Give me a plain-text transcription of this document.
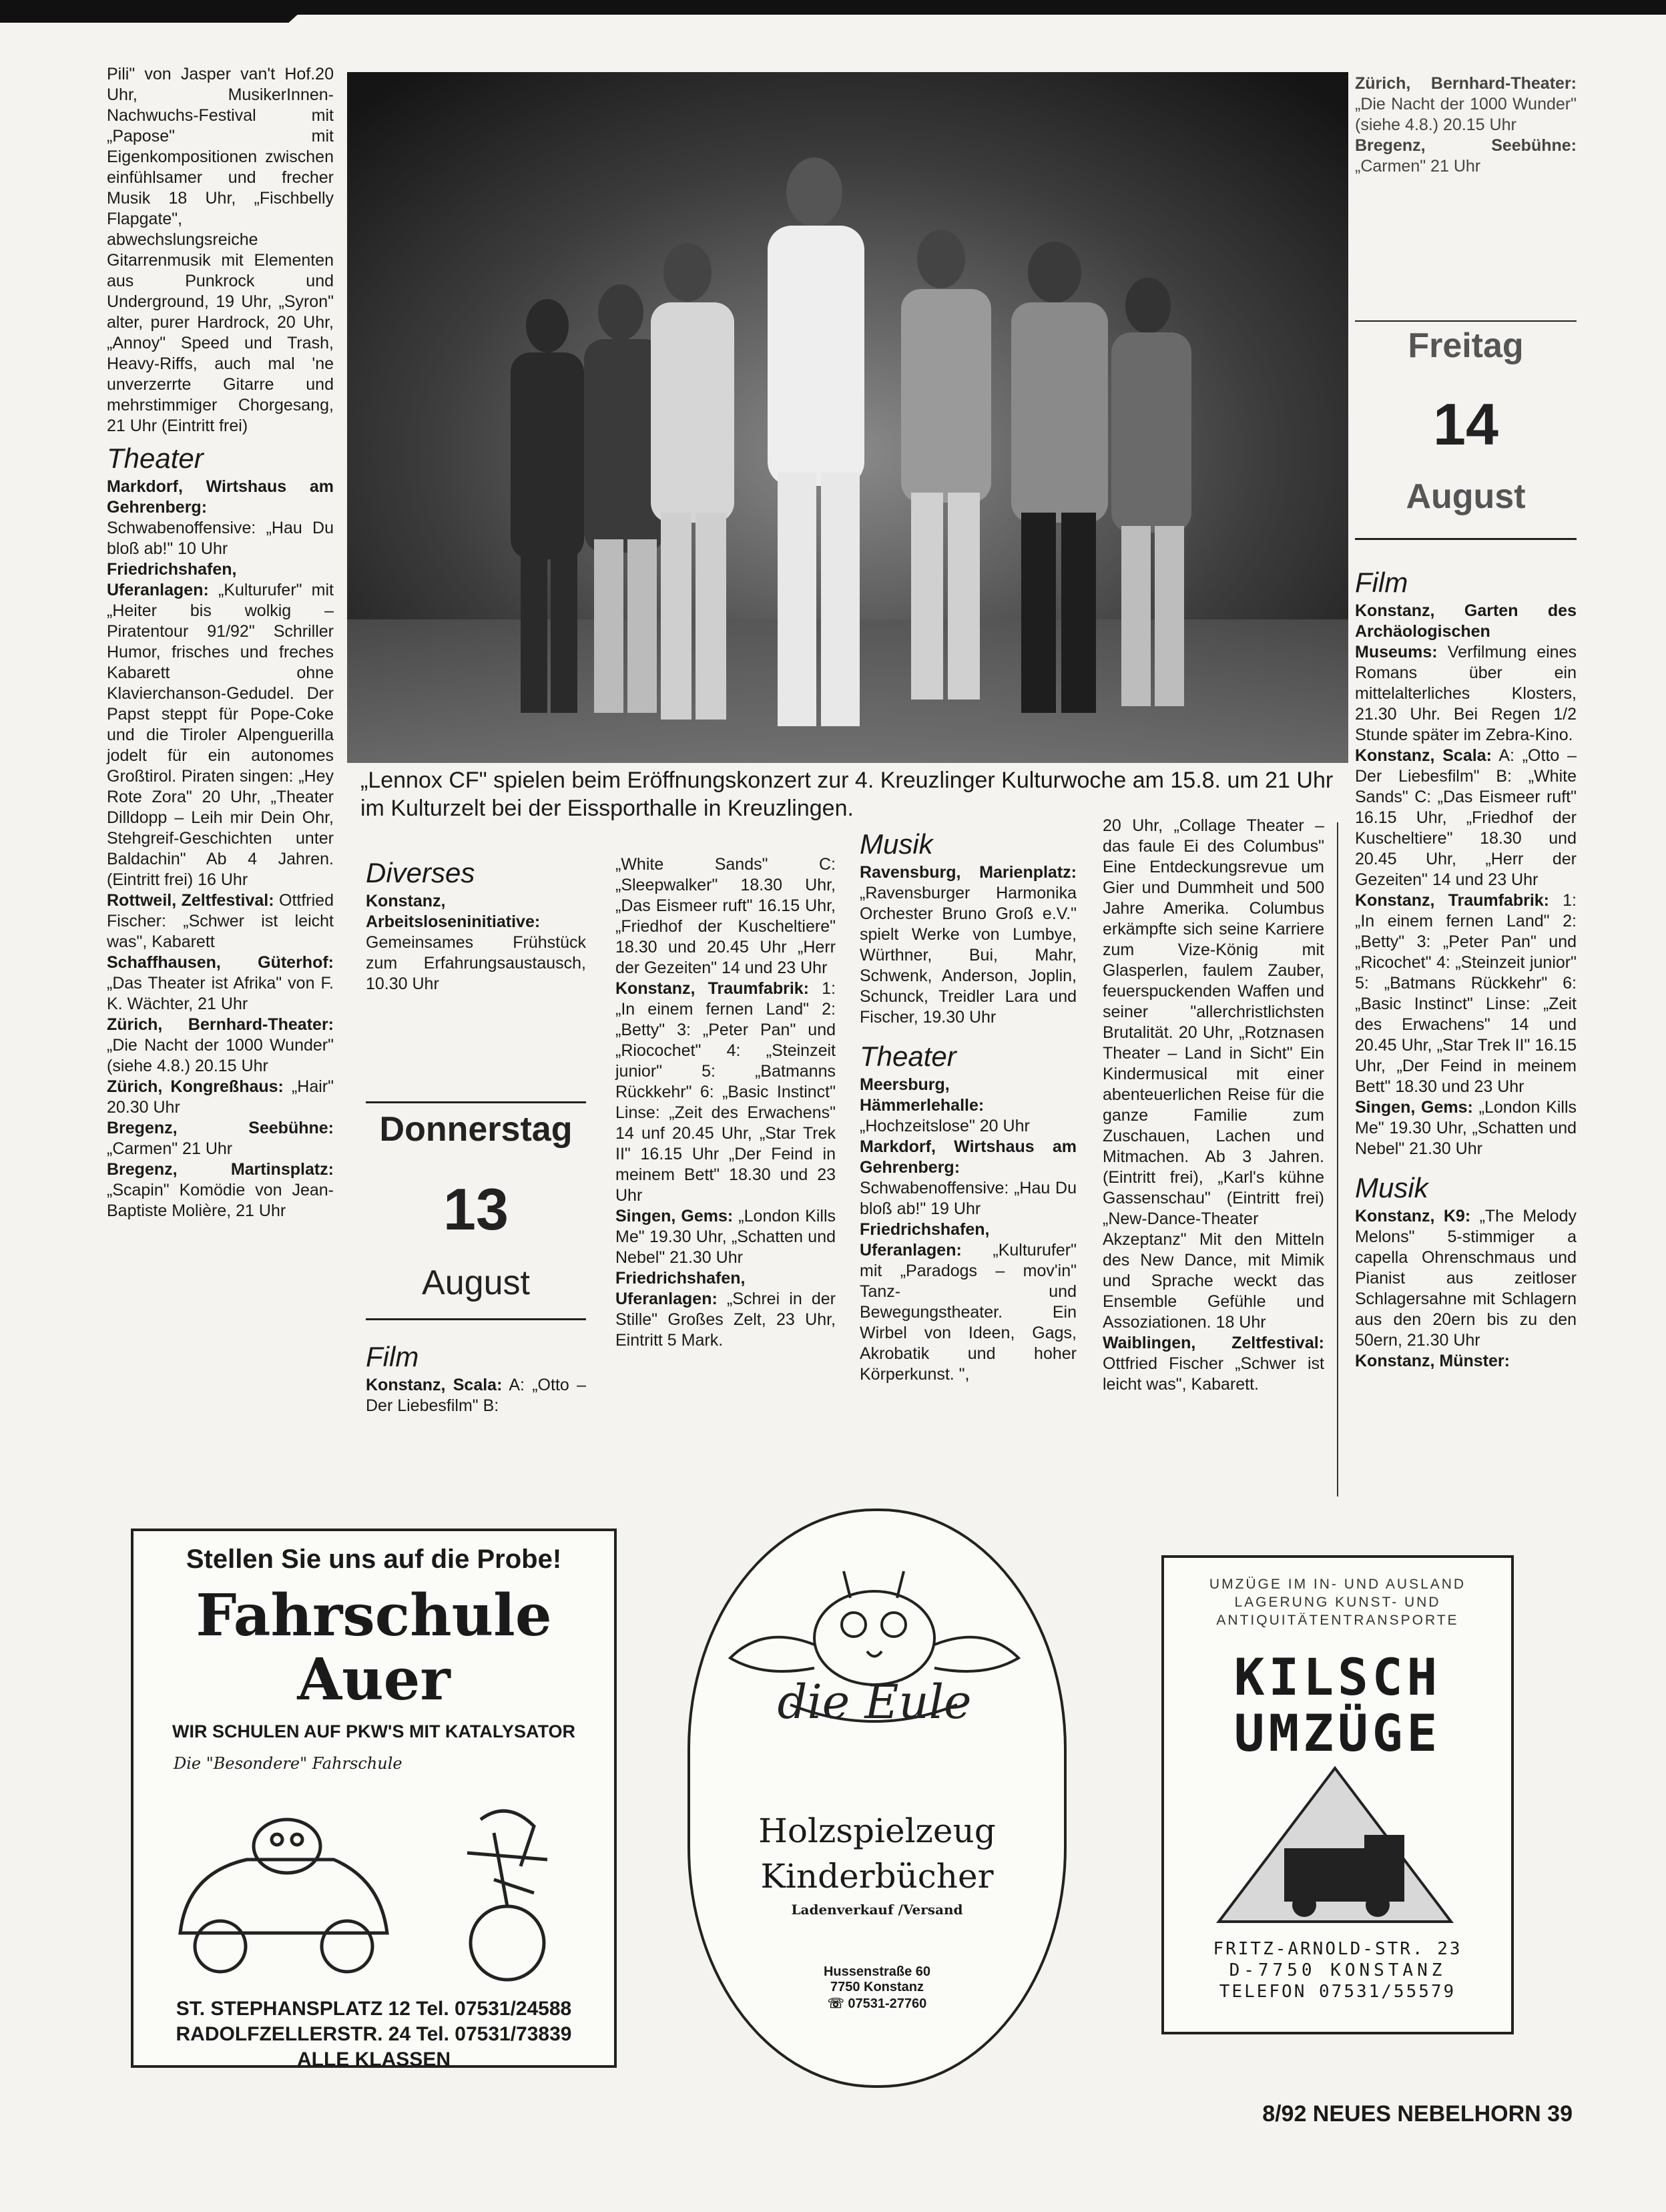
Pili" von Jasper van't Hof.20 Uhr, MusikerInnen-Nachwuchs-Festival mit „Papose" mit Eigenkompositionen zwischen einfühlsamer und frecher Musik 18 Uhr, „Fischbelly Flapgate", abwechslungsreiche Gitarrenmusik mit Elementen aus Punkrock und Underground, 19 Uhr, „Syron" alter, purer Hardrock, 20 Uhr, „Annoy" Speed und Trash, Heavy-Riffs, auch mal 'ne unverzerrte Gitarre und mehrstimmiger Chorgesang, 21 Uhr (Eintritt frei)

Theater

Markdorf, Wirtshaus am Gehrenberg: Schwabenoffensive: „Hau Du bloß ab!" 10 Uhr

Friedrichshafen, Uferanlagen: „Kulturufer" mit „Heiter bis wolkig – Piratentour 91/92" Schriller Humor, frisches und freches Kabarett ohne Klavierchanson-Gedudel. Der Papst steppt für Pope-Coke und die Tiroler Alpenguerilla jodelt für ein autonomes Großtirol. Piraten singen: „Hey Rote Zora" 20 Uhr, „Theater Dilldopp – Leih mir Dein Ohr, Stehgreif-Geschichten unter Baldachin" Ab 4 Jahren. (Eintritt frei) 16 Uhr

Rottweil, Zeltfestival: Ottfried Fischer: „Schwer ist leicht was", Kabarett

Schaffhausen, Güterhof: „Das Theater ist Afrika" von F. K. Wächter, 21 Uhr

Zürich, Bernhard-Theater: „Die Nacht der 1000 Wunder" (siehe 4.8.) 20.15 Uhr

Zürich, Kongreßhaus: „Hair" 20.30 Uhr

Bregenz, Seebühne: „Carmen" 21 Uhr

Bregenz, Martinsplatz: „Scapin" Komödie von Jean-Baptiste Molière, 21 Uhr

„Lennox CF" spielen beim Eröffnungskonzert zur 4. Kreuzlinger Kulturwoche am 15.8. um 21 Uhr im Kulturzelt bei der Eissporthalle in Kreuzlingen.
Diverses

Konstanz, Arbeitsloseninitiative: Gemeinsames Frühstück zum Erfahrungsaustausch, 10.30 Uhr

Donnerstag
13
August
Film

Konstanz, Scala: A: „Otto – Der Liebesfilm" B:

„White Sands" C: „Sleepwalker" 18.30 Uhr, „Das Eismeer ruft" 16.15 Uhr, „Friedhof der Kuscheltiere" 18.30 und 20.45 Uhr „Herr der Gezeiten" 14 und 23 Uhr

Konstanz, Traumfabrik: 1: „In einem fernen Land" 2: „Betty" 3: „Peter Pan" und „Riocochet" 4: „Steinzeit junior" 5: „Batmanns Rückkehr" 6: „Basic Instinct" Linse: „Zeit des Erwachens" 14 unf 20.45 Uhr, „Star Trek II" 16.15 Uhr „Der Feind in meinem Bett" 18.30 und 23 Uhr

Singen, Gems: „London Kills Me" 19.30 Uhr, „Schatten und Nebel" 21.30 Uhr

Friedrichshafen, Uferanlagen: „Schrei in der Stille" Großes Zelt, 23 Uhr, Eintritt 5 Mark.

Musik

Ravensburg, Marienplatz: „Ravensburger Harmonika Orchester Bruno Groß e.V." spielt Werke von Lumbye, Würthner, Bui, Mahr, Schwenk, Anderson, Joplin, Schunck, Treidler Lara und Fischer, 19.30 Uhr

Theater

Meersburg, Hämmerlehalle: „Hochzeitslose" 20 Uhr

Markdorf, Wirtshaus am Gehrenberg: Schwabenoffensive: „Hau Du bloß ab!" 19 Uhr

Friedrichshafen, Uferanlagen: „Kulturufer" mit „Paradogs – mov'in" Tanz- und Bewegungstheater. Ein Wirbel von Ideen, Gags, Akrobatik und hoher Körperkunst. ",

20 Uhr, „Collage Theater – das faule Ei des Columbus" Eine Entdeckungsrevue um Gier und Dummheit und 500 Jahre Amerika. Columbus erkämpfte sich seine Karriere zum Vize-König mit Glasperlen, faulem Zauber, feuerspuckenden Waffen und seiner "allerchristlichsten Brutalität. 20 Uhr, „Rotznasen Theater – Land in Sicht" Ein Kindermusical mit einer abenteuerlichen Reise für die ganze Familie zum Zuschauen, Lachen und Mitmachen. Ab 3 Jahren. (Eintritt frei), „Karl's kühne Gassenschau" (Eintritt frei) „New-Dance-Theater Akzeptanz" Mit den Mitteln des New Dance, mit Mimik und Sprache weckt das Ensemble Gefühle und Assoziationen. 18 Uhr

Waiblingen, Zeltfestival: Ottfried Fischer „Schwer ist leicht was", Kabarett.

Zürich, Bernhard-Theater: „Die Nacht der 1000 Wunder" (siehe 4.8.) 20.15 Uhr

Bregenz, Seebühne: „Carmen" 21 Uhr

Freitag
14
August
Film

Konstanz, Garten des Archäologischen Museums: Verfilmung eines Romans über ein mittelalterliches Klosters, 21.30 Uhr. Bei Regen 1/2 Stunde später im Zebra-Kino.

Konstanz, Scala: A: „Otto – Der Liebesfilm" B: „White Sands" C: „Das Eismeer ruft" 16.15 Uhr, „Friedhof der Kuscheltiere" 18.30 und 20.45 Uhr, „Herr der Gezeiten" 14 und 23 Uhr

Konstanz, Traumfabrik: 1: „In einem fernen Land" 2: „Betty" 3: „Peter Pan" und „Ricochet" 4: „Steinzeit junior" 5: „Batmans Rückkehr" 6: „Basic Instinct" Linse: „Zeit des Erwachens" 14 und 20.45 Uhr, „Star Trek II" 16.15 Uhr, „Der Feind in meinem Bett" 18.30 und 23 Uhr

Singen, Gems: „London Kills Me" 19.30 Uhr, „Schatten und Nebel" 21.30 Uhr

Musik

Konstanz, K9: „The Melody Melons" 5-stimmiger a capella Ohrenschmaus und Pianist aus zeitloser Schlagersahne mit Schlagern aus den 20ern bis zu den 50ern, 21.30 Uhr

Konstanz, Münster:

Stellen Sie uns auf die Probe!
Fahrschule
Auer
WIR SCHULEN AUF PKW'S MIT KATALYSATOR
Die "Besondere" Fahrschule
ST. STEPHANSPLATZ 12 Tel. 07531/24588
RADOLFZELLERSTR. 24 Tel. 07531/73839
ALLE KLASSEN
die Eule
Holzspielzeug
Kinderbücher
Ladenverkauf /Versand
Hussenstraße 60
7750 Konstanz
☏ 07531-27760
UMZÜGE IM IN- UND AUSLAND
LAGERUNG KUNST- UND
ANTIQUITÄTENTRANSPORTE
KILSCH
UMZÜGE
FRITZ-ARNOLD-STR. 23
D-7750 KONSTANZ
TELEFON 07531/55579
8/92 NEUES NEBELHORN 39
